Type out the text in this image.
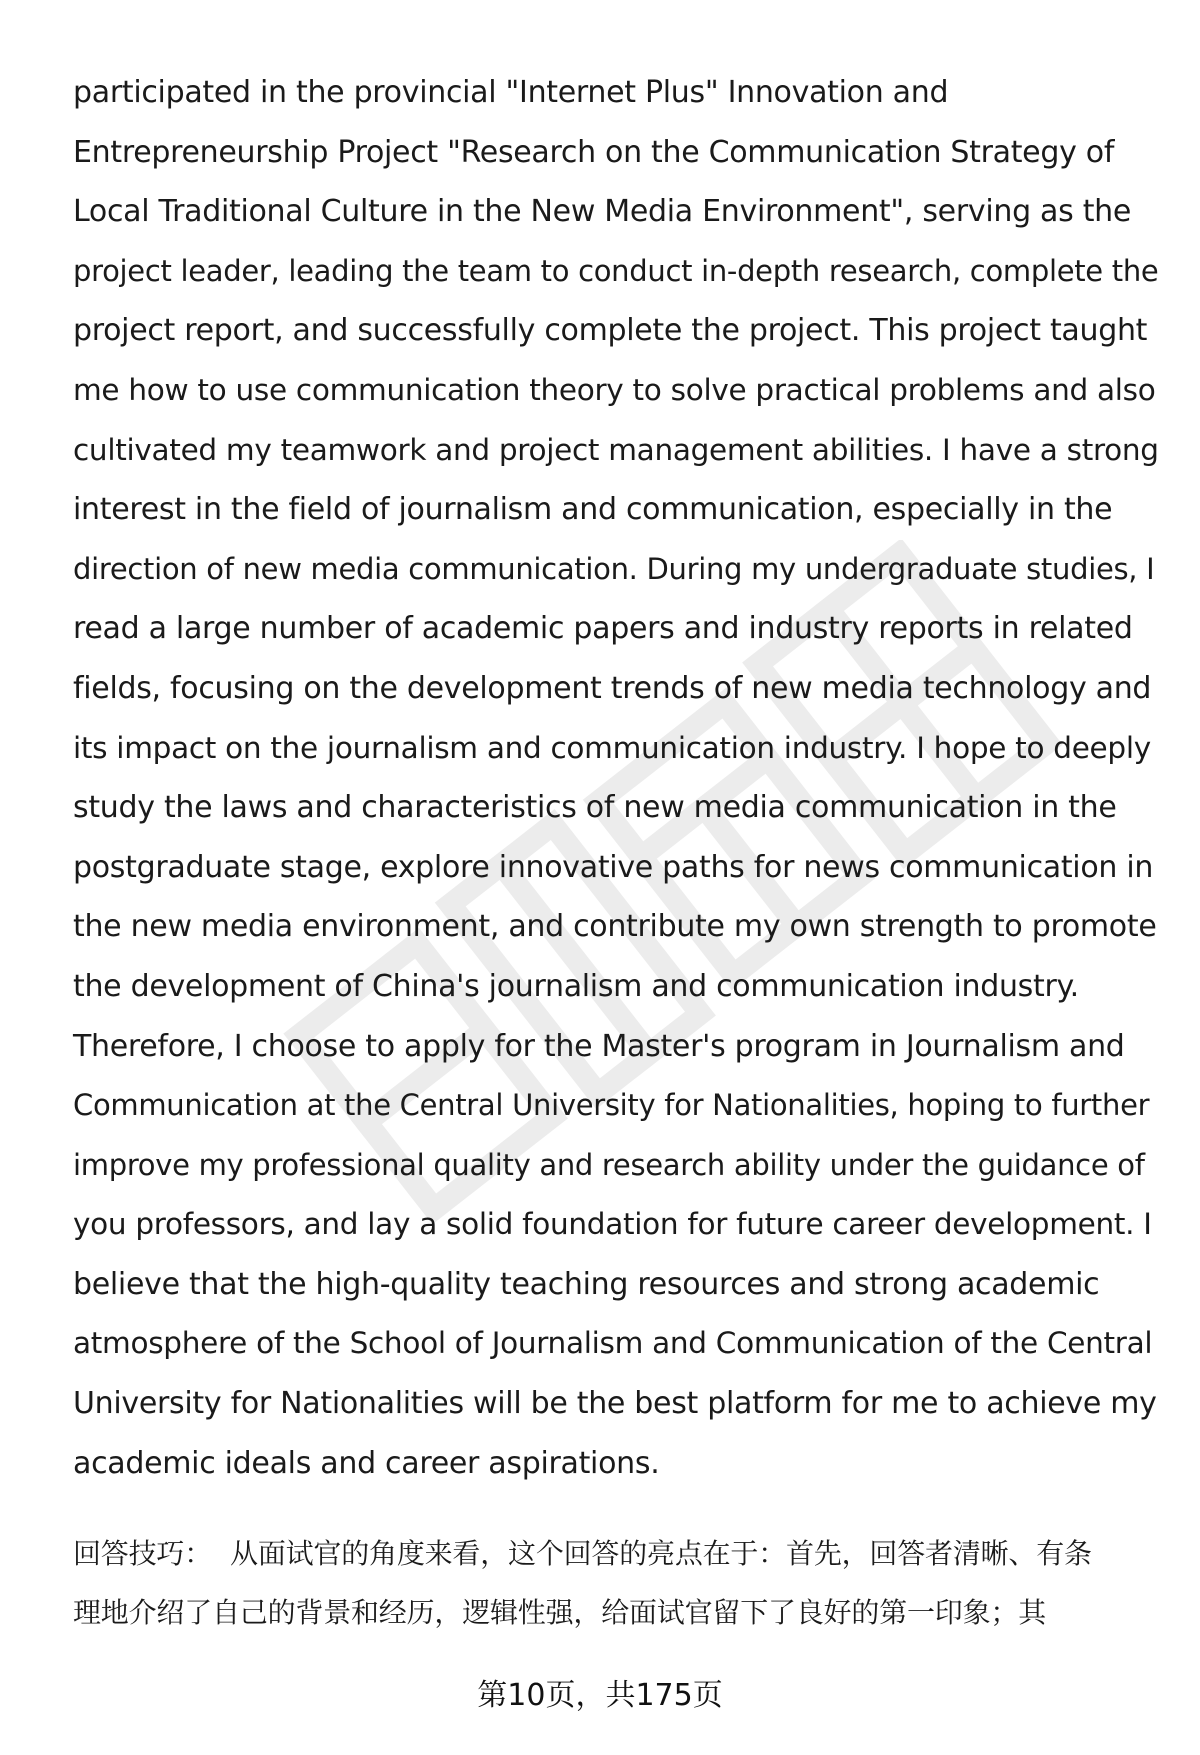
participated in the provincial "Internet Plus" Innovation and
Entrepreneurship Project "Research on the Communication Strategy of
Local Traditional Culture in the New Media Environment", serving as the
project leader, leading the team to conduct in-depth research, complete the
project report, and successfully complete the project. This project taught
me how to use communication theory to solve practical problems and also
cultivated my teamwork and project management abilities. I have a strong
interest in the field of journalism and communication, especially in the
direction of new media communication. During my undergraduate studies, I
read a large number of academic papers and industry reports in related
fields, focusing on the development trends of new media technology and
its impact on the journalism and communication industry. I hope to deeply
study the laws and characteristics of new media communication in the
postgraduate stage, explore innovative paths for news communication in
the new media environment, and contribute my own strength to promote
the development of China's journalism and communication industry.
Therefore, I choose to apply for the Master's program in Journalism and
Communication at the Central University for Nationalities, hoping to further
improve my professional quality and research ability under the guidance of
you professors, and lay a solid foundation for future career development. I
believe that the high-quality teaching resources and strong academic
atmosphere of the School of Journalism and Communication of the Central
University for Nationalities will be the best platform for me to achieve my
academic ideals and career aspirations.
回答技巧： 从面试官的角度来看，这个回答的亮点在于：首先，回答者清晰、有条
理地介绍了自己的背景和经历，逻辑性强，给面试官留下了良好的第一印象；其
第10页，共175页
